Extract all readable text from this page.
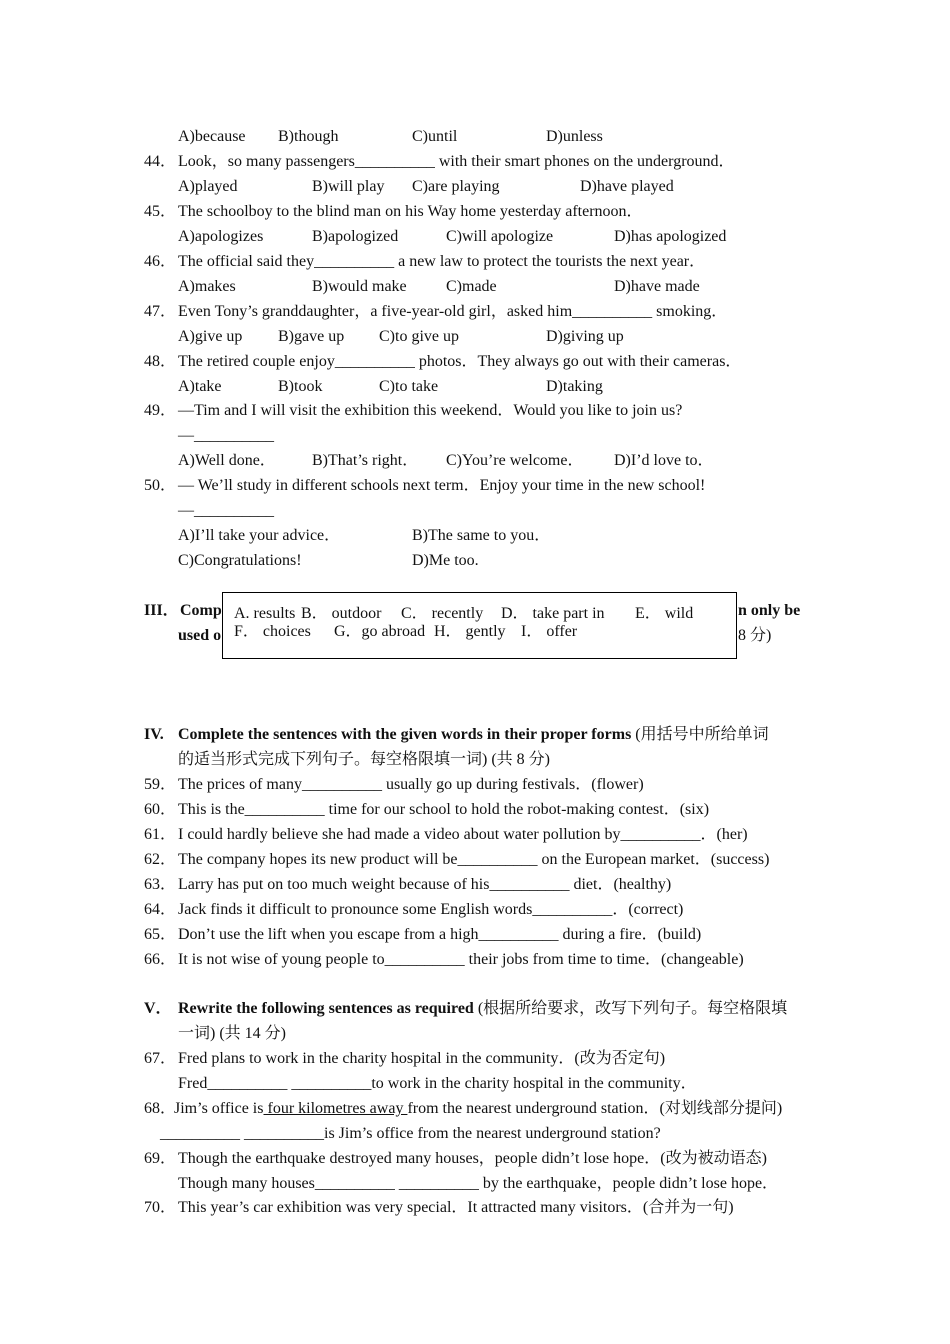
A)because B)though	C)until	D)unless
44． Look，so many passengers__________ with their smart phones on the underground．
A)played	B)will play C)are playing	D)have played
45． The schoolboy to the blind man on his Way home yesterday afternoon．
A)apologizes	B)apologized	C)will apologize	D)has apologized
46． The official said they__________ a new law to protect the tourists the next year．
A)makes	B)would make C)made	D)have made
47． Even Tony’s granddaughter，a five-year-old girl，asked him__________ smoking．
A)give up B)gave up C)to give up	D)giving up
48． The retired couple enjoy__________ photos．They always go out with their cameras．
A)take	B)took	C)to take	D)taking
49． —Tim and I will visit the exhibition this weekend．Would you like to join us?
—__________
A)Well done． B)That’s right． C)You’re welcome． D)I’d love to．
50． — We’ll study in different schools next term．Enjoy your time in the new school!
—__________
A)I’ll take your advice．	B)The same to you．
C)Congratulations!	D)Me too.
III． Comp	n only be
used o	8 分)
A. results B． outdoor C． recently D． take part in E． wild
F． choices G．go abroad H． gently I． offer
IV. Complete the sentences with the given words in their proper forms (用括号中所给单词
的适当形式完成下列句子。每空格限填一词) (共 8 分)
59． The prices of many__________ usually go up during festivals．(flower)
60． This is the__________ time for our school to hold the robot-making contest．(six)
61． I could hardly believe she had made a video about water pollution by__________．(her)
62． The company hopes its new product will be__________ on the European market．(success)
63． Larry has put on too much weight because of his__________ diet．(healthy)
64． Jack finds it difficult to pronounce some English words__________．(correct)
65． Don’t use the lift when you escape from a high__________ during a fire．(build)
66． It is not wise of young people to__________ their jobs from time to time．(changeable)
V． Rewrite the following sentences as required (根据所给要求，改写下列句子。每空格限填
一词) (共 14 分)
67． Fred plans to work in the charity hospital in the community．(改为否定句)
Fred__________ __________to work in the charity hospital in the community．
68．
Jim’s office is four kilometres away from the nearest underground station．(对划线部分提问)
__________ __________is Jim’s office from the nearest underground station?
69． Though the earthquake destroyed many houses，people didn’t lose hope．(改为被动语态)
Though many houses__________ __________ by the earthquake，people didn’t lose hope．
70． This year’s car exhibition was very special．It attracted many visitors．(合并为一句)
